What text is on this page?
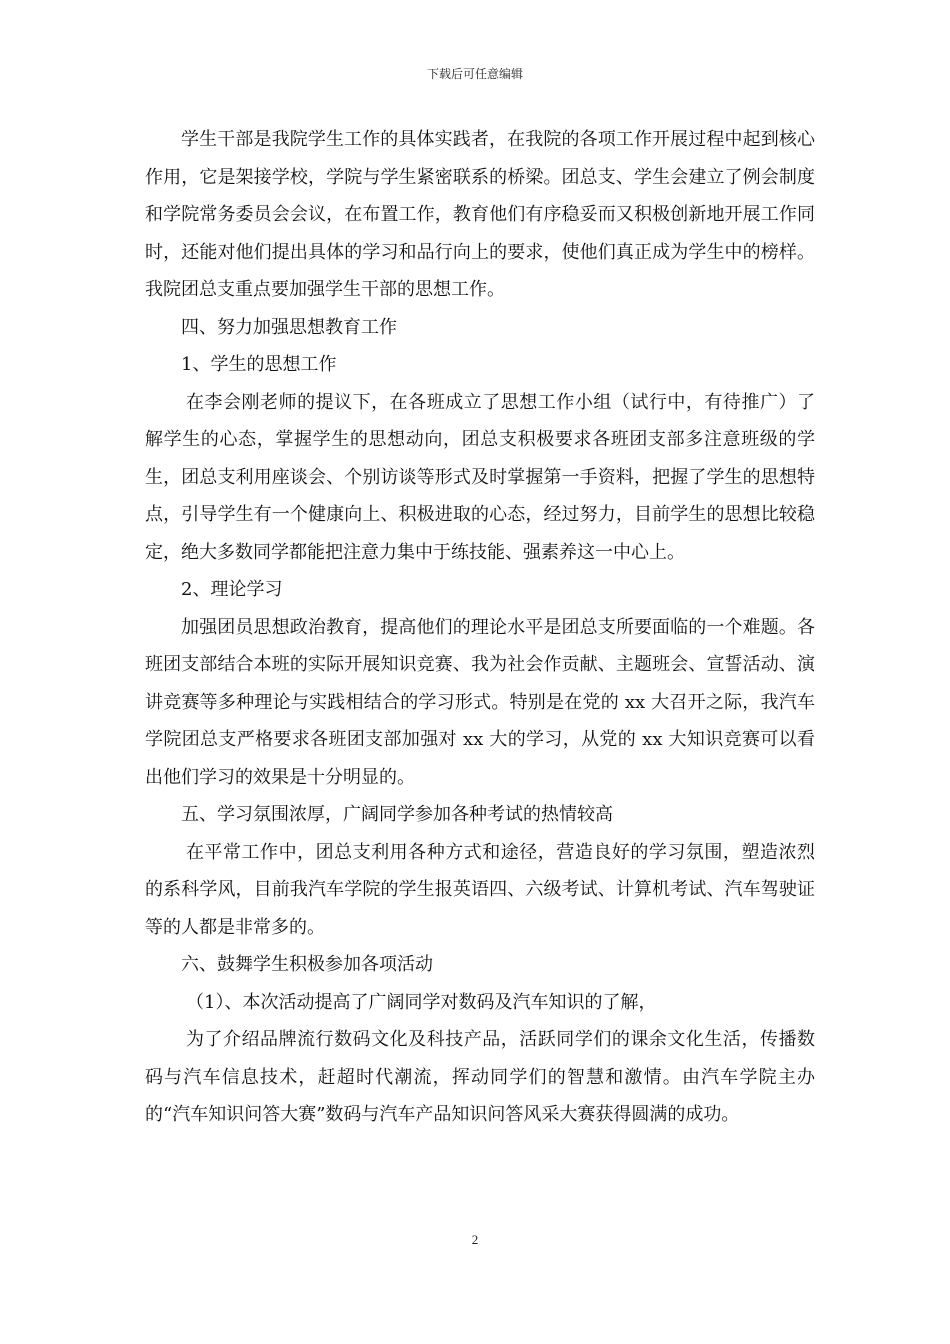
下载后可任意编辑

学生干部是我院学生工作的具体实践者，在我院的各项工作开展过程中起到核心作用，它是架接学校，学院与学生紧密联系的桥梁。团总支、学生会建立了例会制度和学院常务委员会会议，在布置工作，教育他们有序稳妥而又积极创新地开展工作同时，还能对他们提出具体的学习和品行向上的要求，使他们真正成为学生中的榜样。我院团总支重点要加强学生干部的思想工作。

四、努力加强思想教育工作

1、学生的思想工作

在李会刚老师的提议下，在各班成立了思想工作小组（试行中，有待推广）了解学生的心态，掌握学生的思想动向，团总支积极要求各班团支部多注意班级的学生，团总支利用座谈会、个别访谈等形式及时掌握第一手资料，把握了学生的思想特点，引导学生有一个健康向上、积极进取的心态，经过努力，目前学生的思想比较稳定，绝大多数同学都能把注意力集中于练技能、强素养这一中心上。

2、理论学习

加强团员思想政治教育，提高他们的理论水平是团总支所要面临的一个难题。各班团支部结合本班的实际开展知识竞赛、我为社会作贡献、主题班会、宣誓活动、演讲竞赛等多种理论与实践相结合的学习形式。特别是在党的 xx 大召开之际，我汽车学院团总支严格要求各班团支部加强对 xx 大的学习，从党的 xx 大知识竞赛可以看出他们学习的效果是十分明显的。

五、学习氛围浓厚，广阔同学参加各种考试的热情较高

在平常工作中，团总支利用各种方式和途径，营造良好的学习氛围，塑造浓烈的系科学风，目前我汽车学院的学生报英语四、六级考试、计算机考试、汽车驾驶证等的人都是非常多的。

六、鼓舞学生积极参加各项活动

（1）、本次活动提高了广阔同学对数码及汽车知识的了解，

为了介绍品牌流行数码文化及科技产品，活跃同学们的课余文化生活，传播数码与汽车信息技术，赶超时代潮流，挥动同学们的智慧和激情。由汽车学院主办的“汽车知识问答大赛”数码与汽车产品知识问答风采大赛获得圆满的成功。

2
